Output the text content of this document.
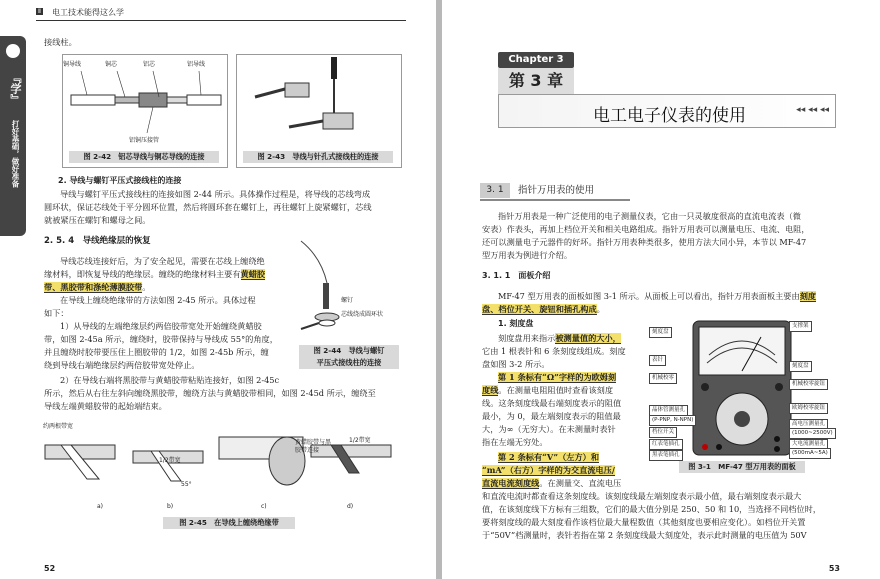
Ⅱ 电工技术能得这么学
『学』
打好基础，做好准备
接线柱。
铜导线	铜芯	铝芯	铝导线
铝铜压接管
图 2-42　铝芯导线与铜芯导线的连接	图 2-43　导线与针孔式接线柱的连接
2. 导线与螺钉平压式接线柱的连接
导线与螺钉平压式接线柱的连接如图 2-44 所示。具体操作过程是，将导线的芯线弯成
圆环状，保证芯线处于平分圆环位置，然后将圆环套在螺钉上，再往螺钉上旋紧螺钉，芯线
就被紧压在螺钉和螺母之间。
2. 5. 4　导线绝缘层的恢复
导线芯线连接好后，为了安全起见，需要在芯线上缠绕绝
缘材料，即恢复导线的绝缘层。缠绕的绝缘材料主要有黄蜡胶
带、黑胶带和涤纶薄膜胶带。
在导线上缠绕绝缘带的方法如图 2-45 所示。具体过程
如下：
1）从导线的左端绝缘层约两倍胶带宽处开始缠绕黄蜡胶
带，如图 2-45a 所示，缠绕时，胶带保持与导线成 55°的角度，
并且缠绕时胶带要压住上圈胶带的 1/2，如图 2-45b 所示，缠
绕到导线右端绝缘层约两倍胶带宽处停止。
2）在导线右端将黑胶带与黄蜡胶带粘贴连接好，如图 2-45c
所示，然后从右往左斜向缠绕黑胶带，缠绕方法与黄蜡胶带相同，如图 2-45d 所示，缠绕至
导线左端黄蜡胶带的起始端结束。
螺钉
芯线绕成圆环状
图 2-44　导线与螺钉
平压式接线柱的连接
约两根带宽
1/2带宽
55°
黄蜡胶带与黑
胶带连接
1/2带宽
a)	b)	c)	d)
图 2-45　在导线上缠绕绝缘带
52
Chapter 3
第 3 章
电工电子仪表的使用	◂◂ ◂◂ ◂◂
3. 1	指针万用表的使用
指针万用表是一种广泛使用的电子测量仪表，它由一只灵敏度很高的直流电流表（微
安表）作表头，再加上档位开关和相关电路组成。指针万用表可以测量电压、电流、电阻，
还可以测量电子元器件的好坏。指针万用表种类很多，使用方法大同小异，本节以 MF-47
型万用表为例进行介绍。
3. 1. 1　面板介绍
MF-47 型万用表的面板如图 3-1 所示。从面板上可以看出，指针万用表面板主要由刻度
盘、档位开关、旋钮和插孔构成。
1. 刻度盘
刻度盘用来指示被测量值的大小，
它由 1 根表针和 6 条刻度线组成。刻度
盘如图 3-2 所示。
第 1 条标有“Ω”字样的为欧姆刻
度线。在测量电阻阻值时查看该刻度
线。这条刻度线最右端刻度表示的阻值
最小，为 0，最左端刻度表示的阻值最
大，为∞（无穷大）。在未测量时表针
指在左端无穷处。
第 2 条标有“V”（左方）和
“mA”（右方）字样的为交直流电压/
直流电流刻度线。在测量交、直流电压
和直流电流时都查看这条刻度线。该刻度线最左端刻度表示最小值，最右端刻度表示最大
值，在该刻度线下方标有三组数，它们的最大值分别是 250、50 和 10，当选择不同档位时，
要将刻度线的最大刻度看作该档位最大量程数值（其他刻度也要相应变化）。如档位开关置
于“50V”档测量时，表针若指在第 2 条刻度线最大刻度处，表示此时测量的电压值为 50V
刻度盘
表针
机械校零
晶体管测量孔
(P-PNP, N-NPN)
档位开关
红表笔插孔
黑表笔插孔
支撑架
刻度盘
机械校零旋钮
欧姆校零旋钮
高电压测量孔
(1000~2500V)
大电流测量孔
(500mA~5A)
图 3-1　MF-47 型万用表的面板
53
